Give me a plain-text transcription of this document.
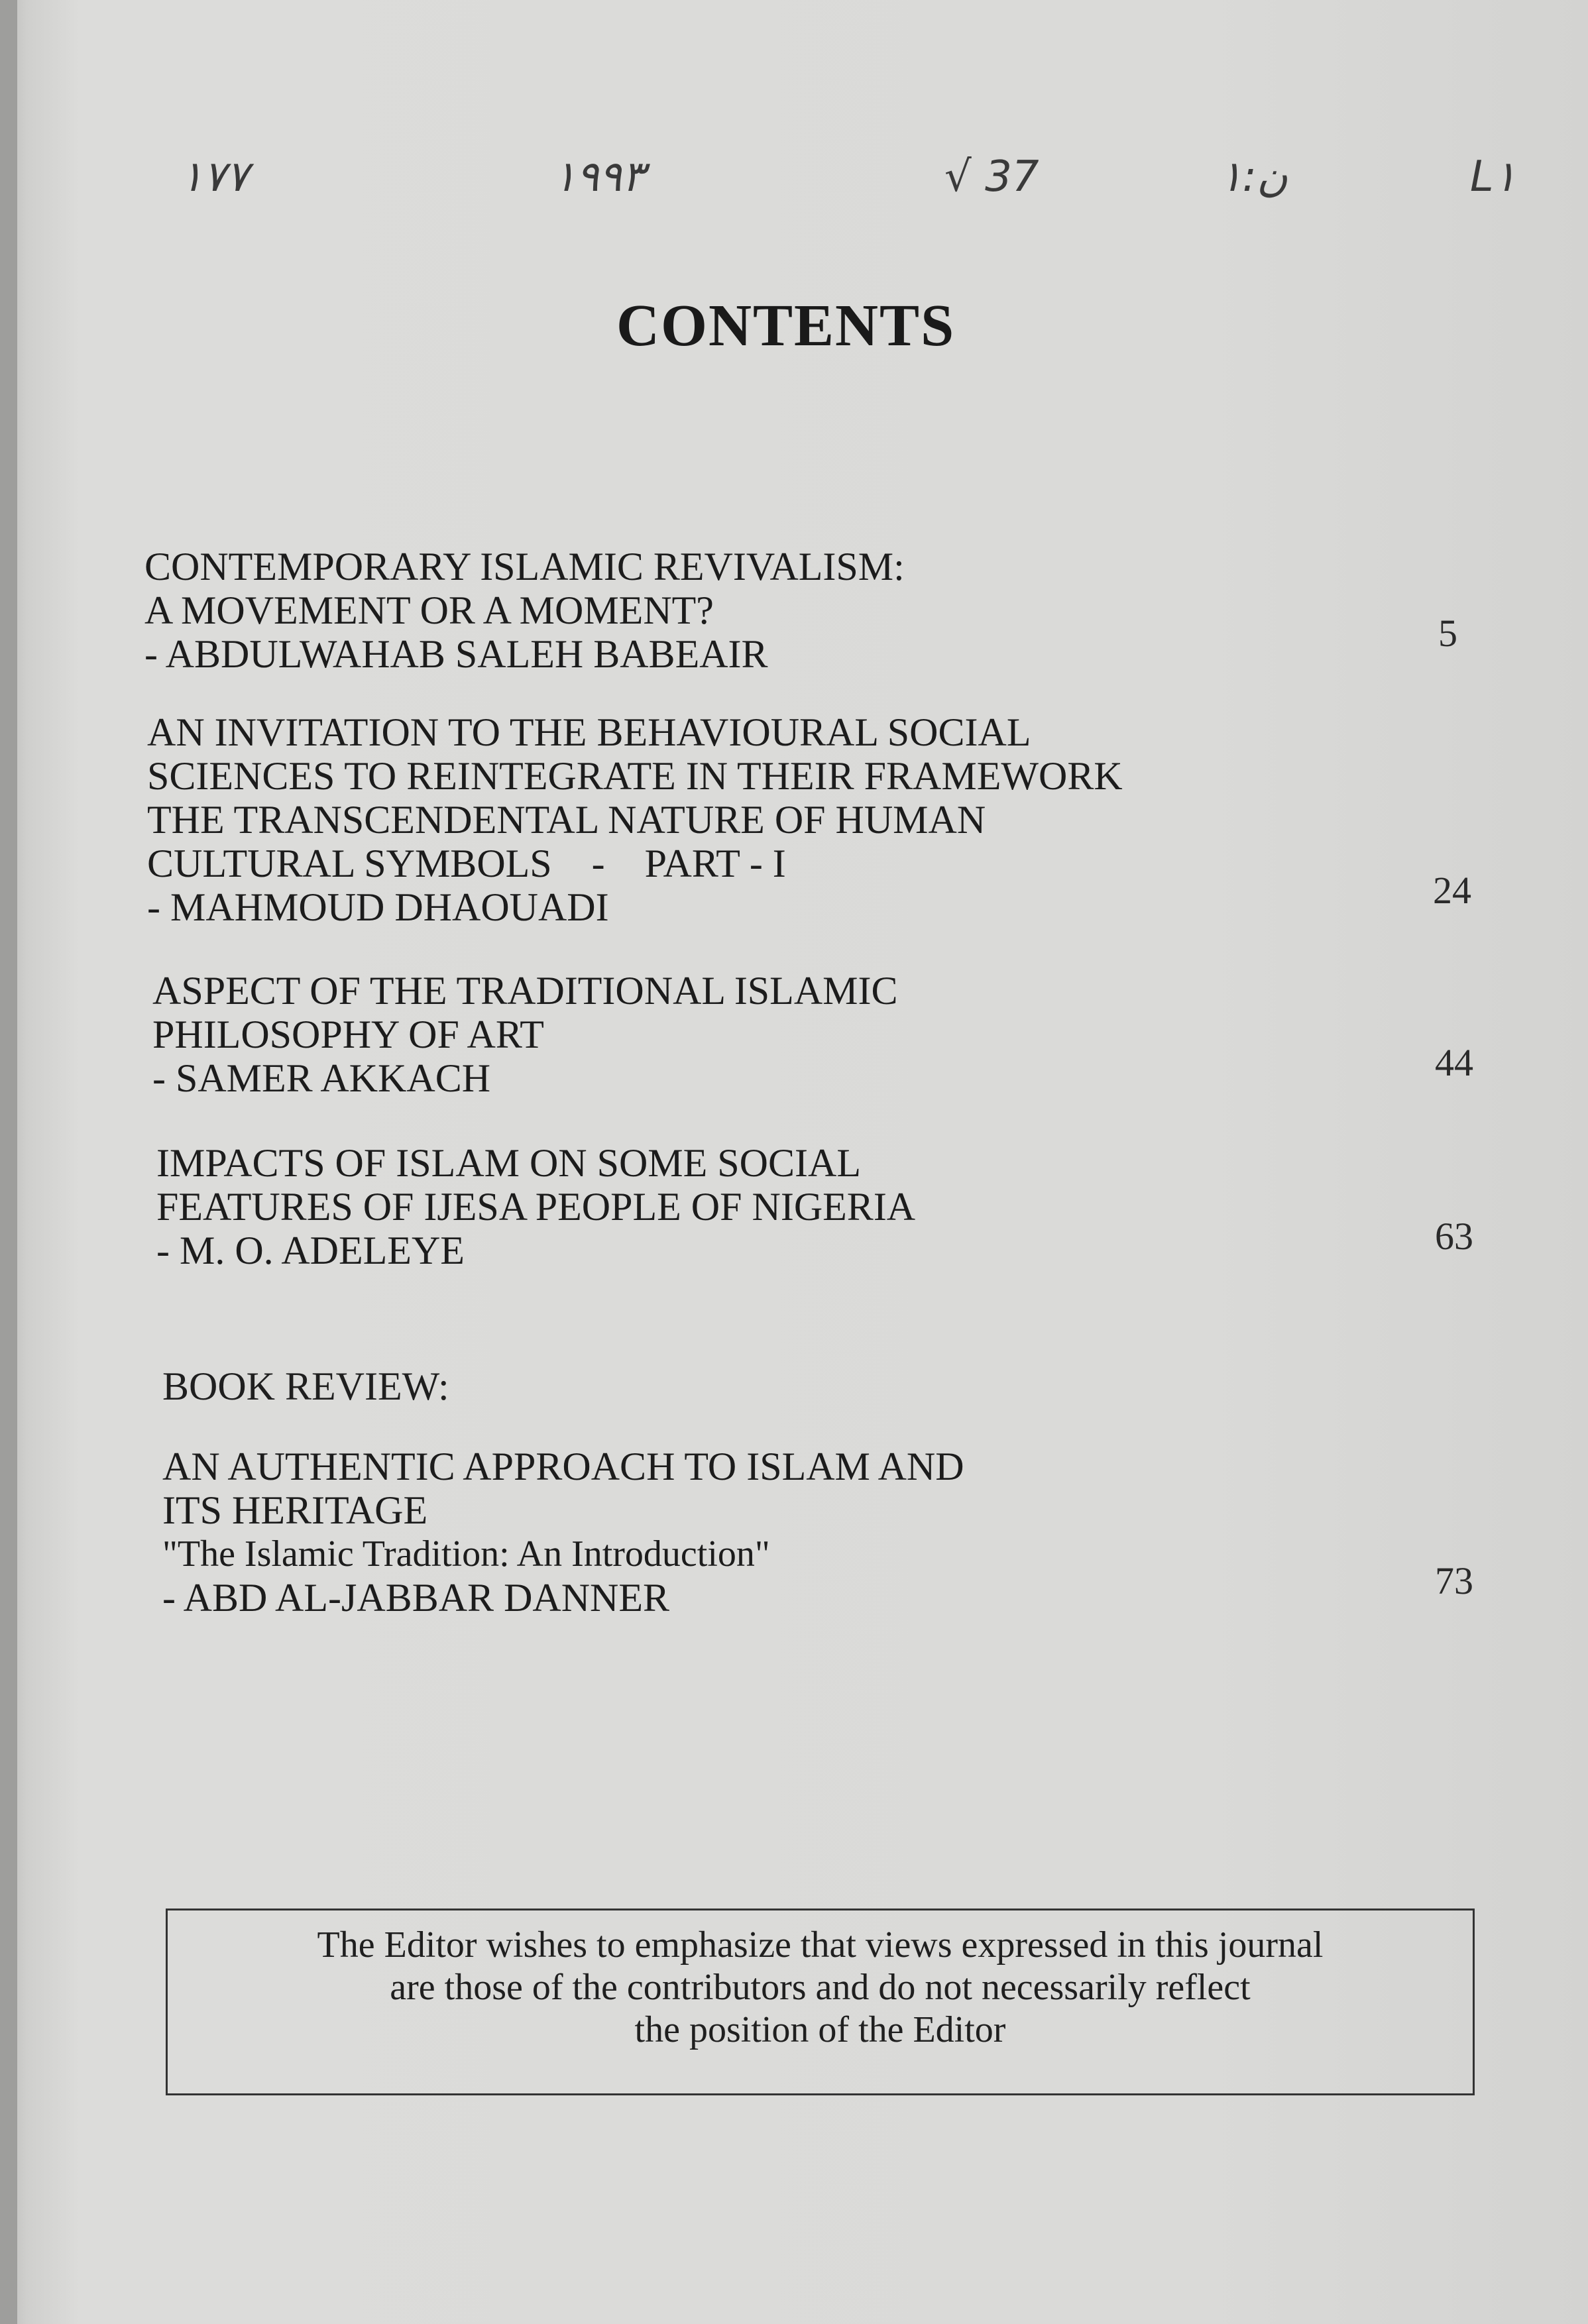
١٧٧	١٩٩٣	√ 37	ن:١	L١
CONTENTS
CONTEMPORARY ISLAMIC REVIVALISM:
A MOVEMENT OR A MOMENT?
- ABDULWAHAB SALEH BABEAIR	5
AN INVITATION TO THE BEHAVIOURAL SOCIAL
SCIENCES TO REINTEGRATE IN THEIR FRAMEWORK
THE TRANSCENDENTAL NATURE OF HUMAN
CULTURAL SYMBOLS    -    PART - I
- MAHMOUD DHAOUADI	24
ASPECT OF THE TRADITIONAL ISLAMIC
PHILOSOPHY OF ART
- SAMER AKKACH	44
IMPACTS OF ISLAM ON SOME SOCIAL
FEATURES OF IJESA PEOPLE OF NIGERIA
- M. O. ADELEYE	63
BOOK REVIEW:
AN AUTHENTIC APPROACH TO ISLAM AND
ITS HERITAGE
"The Islamic Tradition: An Introduction"
- ABD AL-JABBAR DANNER	73
The Editor wishes to emphasize that views expressed in this journal
are those of the contributors and do not necessarily reflect
the position of the Editor
